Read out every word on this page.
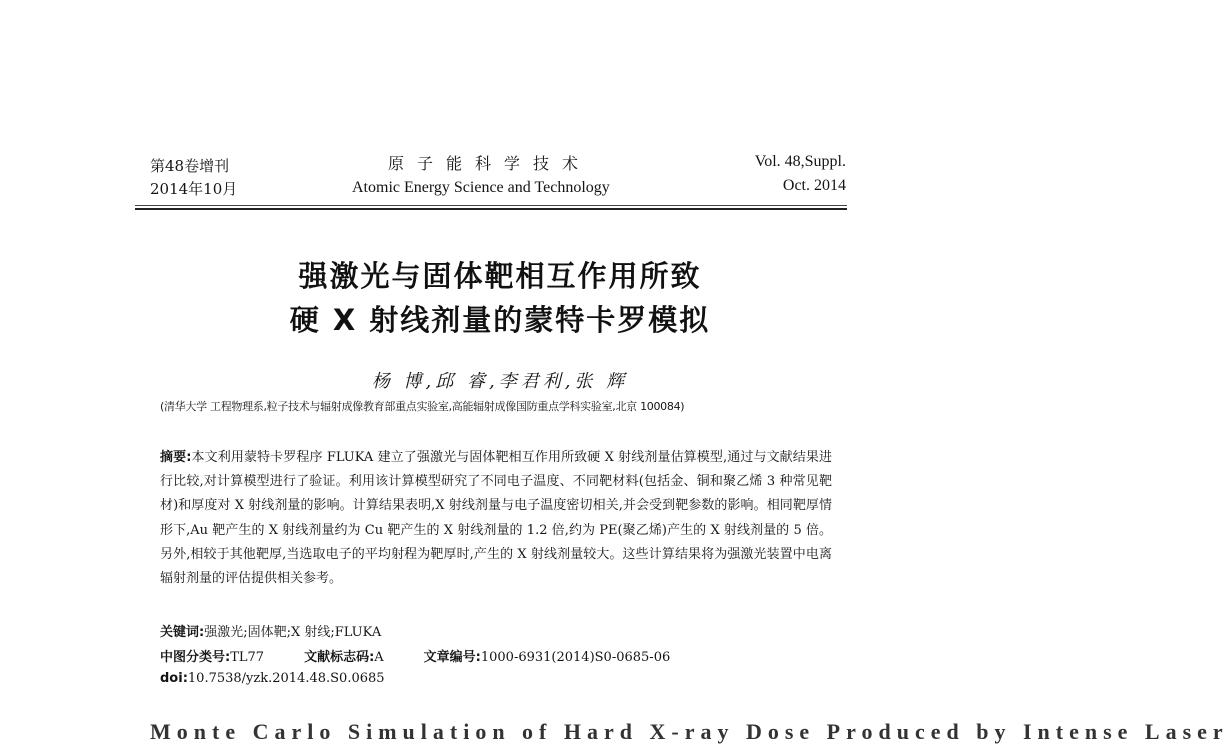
第48卷增刊
2014年10月
原子能科学技术
Atomic Energy Science and Technology
Vol. 48,Suppl.
Oct. 2014
强激光与固体靶相互作用所致
硬 X 射线剂量的蒙特卡罗模拟
杨 博,邱 睿,李君利,张 辉
(清华大学 工程物理系,粒子技术与辐射成像教育部重点实验室,高能辐射成像国防重点学科实验室,北京 100084)
摘要:本文利用蒙特卡罗程序 FLUKA 建立了强激光与固体靶相互作用所致硬 X 射线剂量估算模型,通过与文献结果进行比较,对计算模型进行了验证。利用该计算模型研究了不同电子温度、不同靶材料(包括金、铜和聚乙烯 3 种常见靶材)和厚度对 X 射线剂量的影响。计算结果表明,X 射线剂量与电子温度密切相关,并会受到靶参数的影响。相同靶厚情形下,Au 靶产生的 X 射线剂量约为 Cu 靶产生的 X 射线剂量的 1.2 倍,约为 PE(聚乙烯)产生的 X 射线剂量的 5 倍。另外,相较于其他靶厚,当选取电子的平均射程为靶厚时,产生的 X 射线剂量较大。这些计算结果将为强激光装置中电离辐射剂量的评估提供相关参考。
关键词:强激光;固体靶;X 射线;FLUKA
中图分类号:TL77	文献标志码:A	文章编号:1000-6931(2014)S0-0685-06
doi:10.7538/yzk.2014.48.S0.0685
Monte Carlo Simulation of Hard X-ray Dose Produced by Intense Laser
